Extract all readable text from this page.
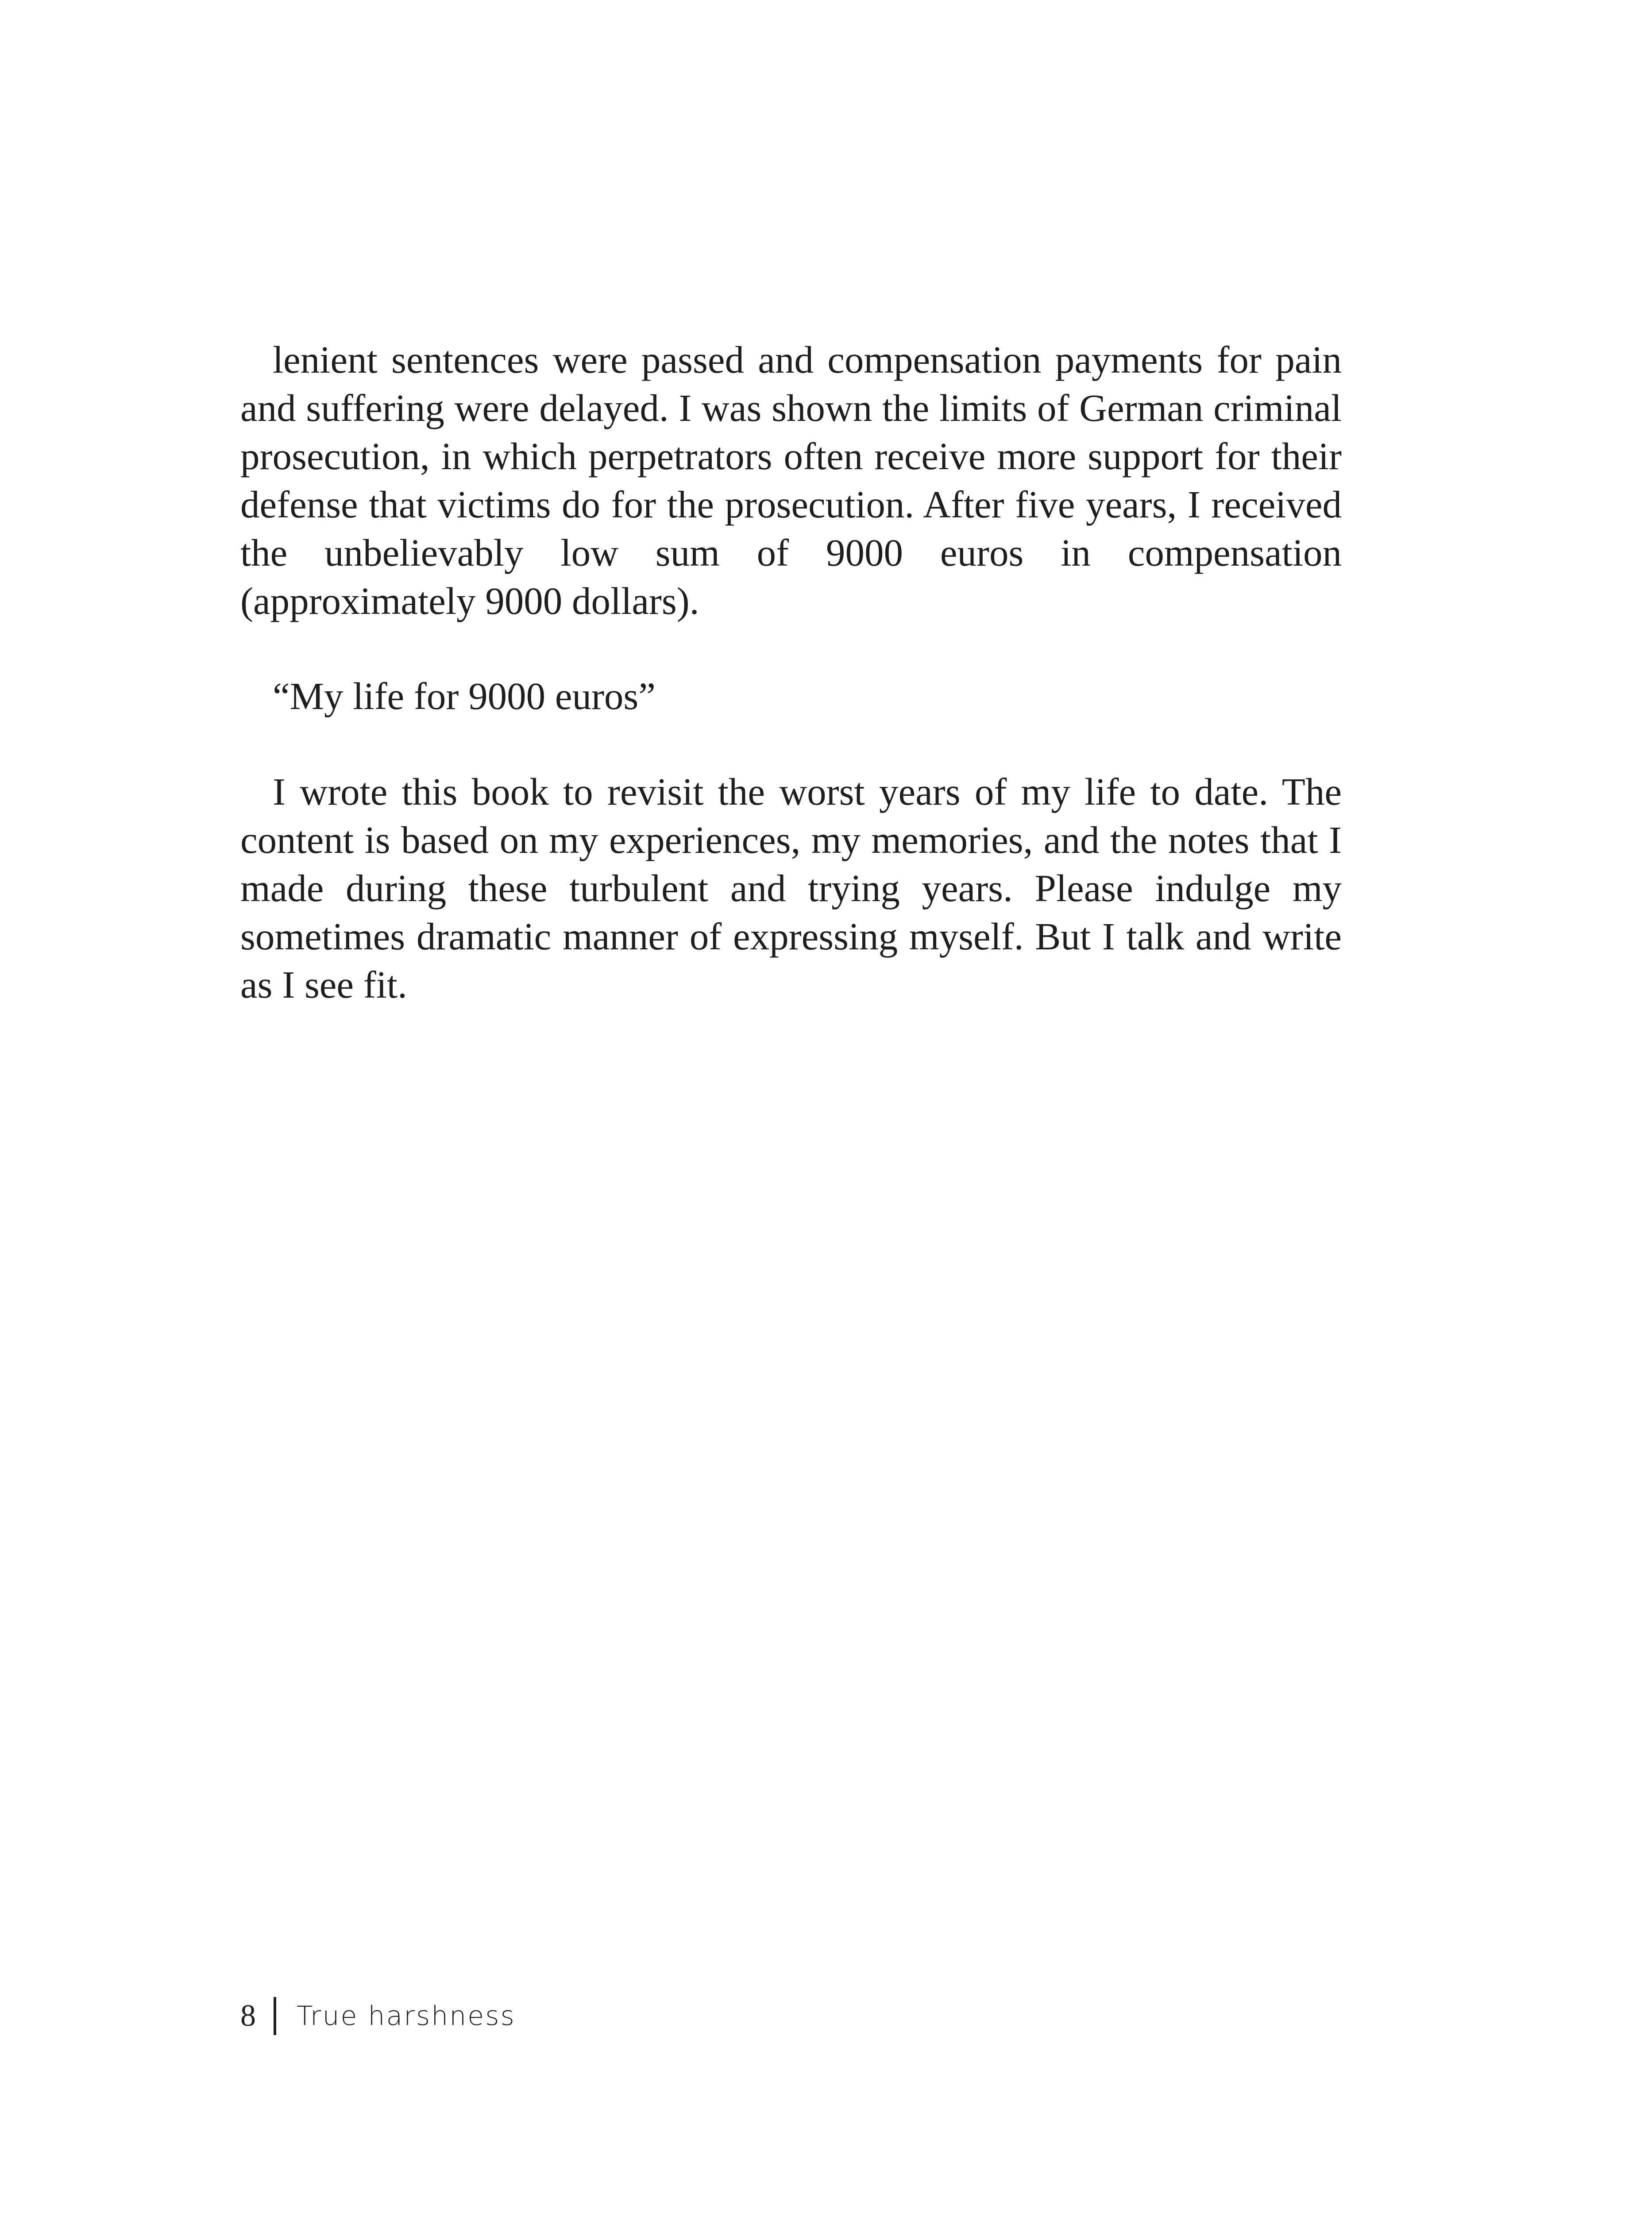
lenient sentences were passed and compensation payments for pain and suffering were delayed. I was shown the limits of German criminal prosecution, in which perpetrators often receive more support for their defense that victims do for the prosecution. After five years, I received the unbelievably low sum of 9000 euros in compensation (approximately 9000 dollars).

“My life for 9000 euros”

I wrote this book to revisit the worst years of my life to date. The content is based on my experiences, my memories, and the notes that I made during these turbulent and trying years. Please indulge my sometimes dramatic manner of expressing myself. But I talk and write as I see fit.

8 True harshness
